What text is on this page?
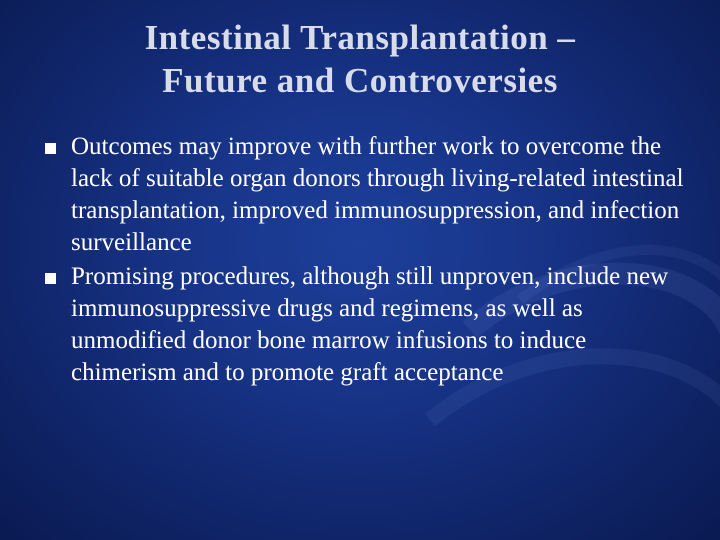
Intestinal Transplantation –
Future and Controversies
Outcomes may improve with further work to overcome the lack of suitable organ donors through living-related intestinal transplantation, improved immunosuppression, and infection surveillance
Promising procedures, although still unproven, include new immunosuppressive drugs and regimens, as well as unmodified donor bone marrow infusions to induce chimerism and to promote graft acceptance
